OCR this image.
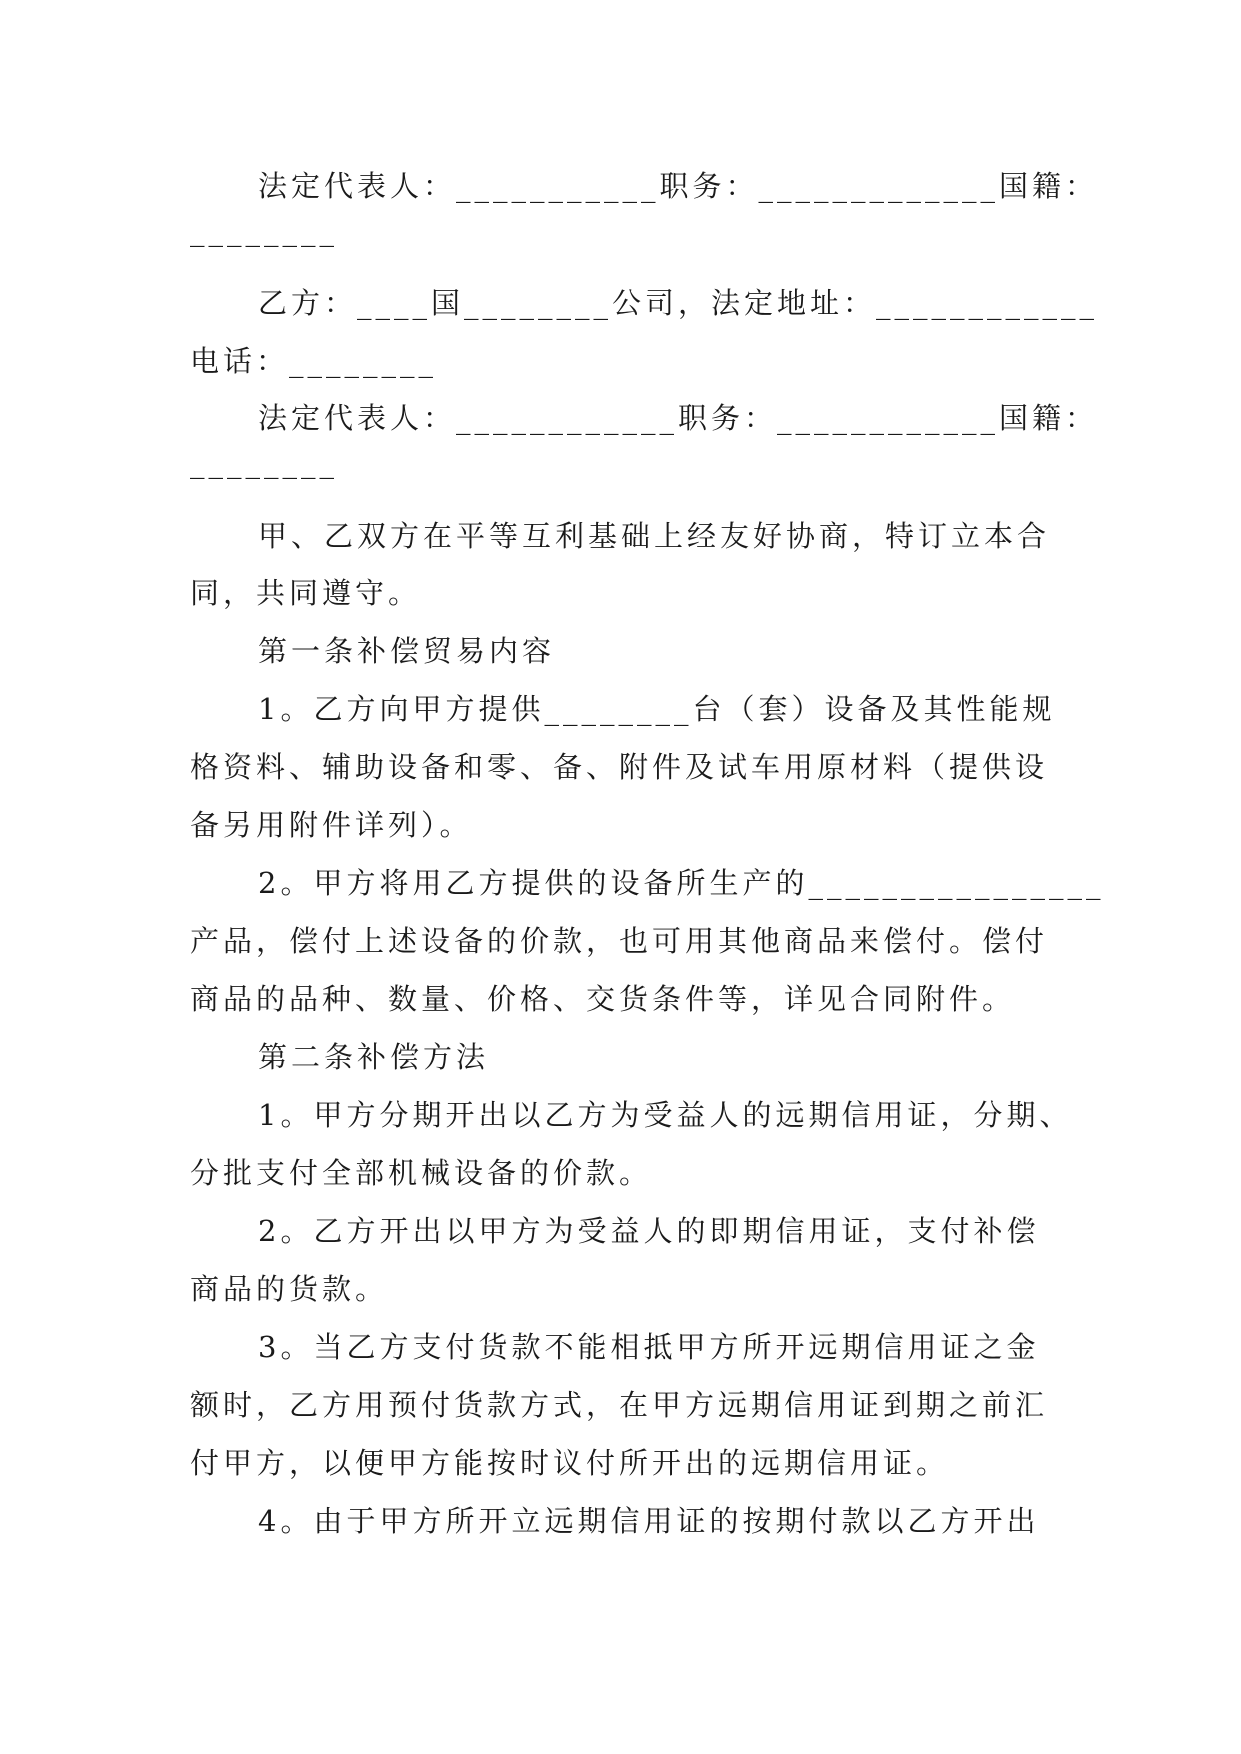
法定代表人：___________职务：_____________国籍：

________

乙方：____国________公司，法定地址：____________

电话：________

法定代表人：____________职务：____________国籍：

________

甲、乙双方在平等互利基础上经友好协商，特订立本合

同，共同遵守。

第一条补偿贸易内容

1。乙方向甲方提供________台（套）设备及其性能规

格资料、辅助设备和零、备、附件及试车用原材料（提供设

备另用附件详列）。

2。甲方将用乙方提供的设备所生产的________________

产品，偿付上述设备的价款，也可用其他商品来偿付。偿付

商品的品种、数量、价格、交货条件等，详见合同附件。

第二条补偿方法

1。甲方分期开出以乙方为受益人的远期信用证，分期、

分批支付全部机械设备的价款。

2。乙方开出以甲方为受益人的即期信用证，支付补偿

商品的货款。

3。当乙方支付货款不能相抵甲方所开远期信用证之金

额时，乙方用预付货款方式，在甲方远期信用证到期之前汇

付甲方，以便甲方能按时议付所开出的远期信用证。

4。由于甲方所开立远期信用证的按期付款以乙方开出
